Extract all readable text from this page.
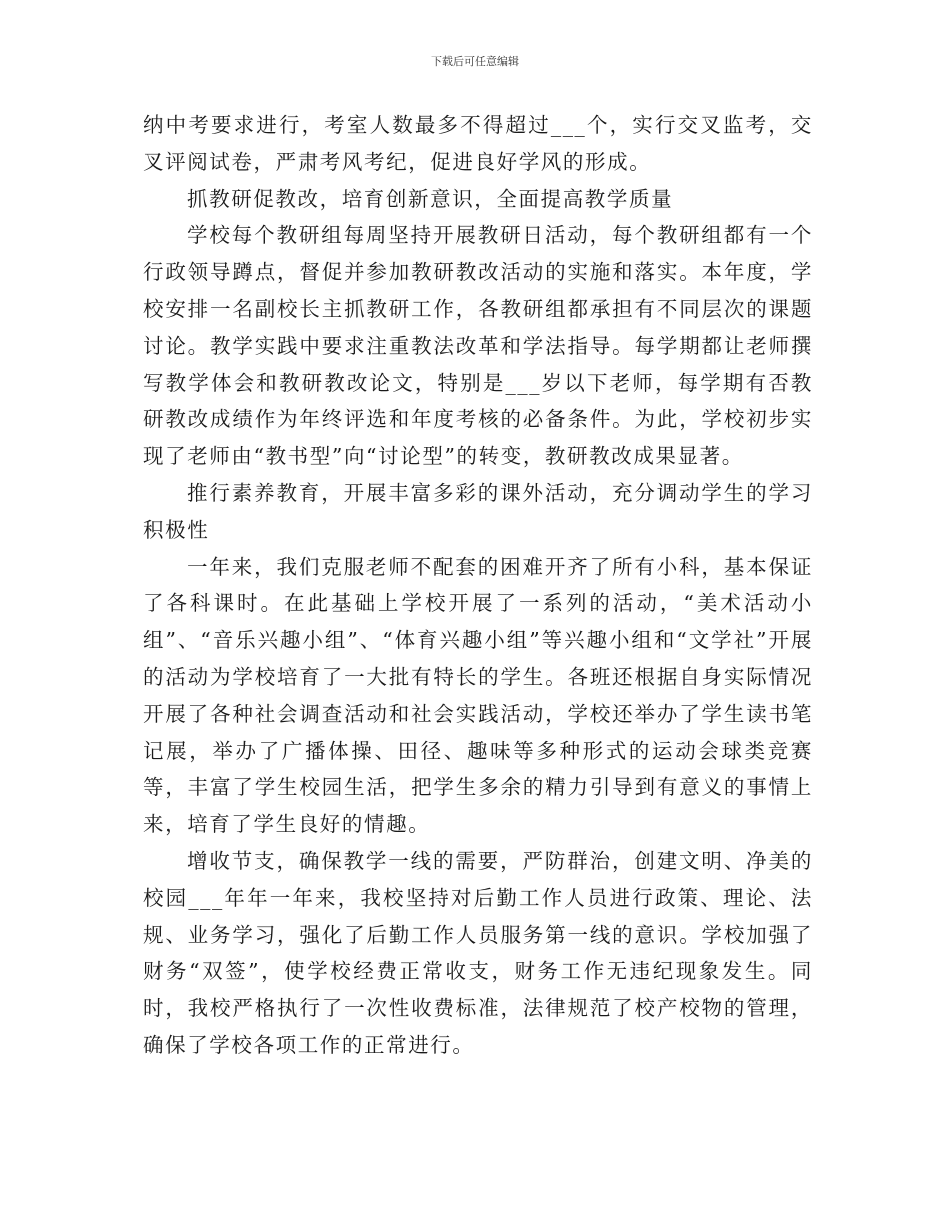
下载后可任意编辑

纳中考要求进行，考室人数最多不得超过___个，实行交叉监考，交叉评阅试卷，严肃考风考纪，促进良好学风的形成。

抓教研促教改，培育创新意识，全面提高教学质量

学校每个教研组每周坚持开展教研日活动，每个教研组都有一个行政领导蹲点，督促并参加教研教改活动的实施和落实。本年度，学校安排一名副校长主抓教研工作，各教研组都承担有不同层次的课题讨论。教学实践中要求注重教法改革和学法指导。每学期都让老师撰写教学体会和教研教改论文，特别是___岁以下老师，每学期有否教研教改成绩作为年终评选和年度考核的必备条件。为此，学校初步实现了老师由“教书型”向“讨论型”的转变，教研教改成果显著。

推行素养教育，开展丰富多彩的课外活动，充分调动学生的学习积极性

一年来，我们克服老师不配套的困难开齐了所有小科，基本保证了各科课时。在此基础上学校开展了一系列的活动，“美术活动小组”、“音乐兴趣小组”、“体育兴趣小组”等兴趣小组和“文学社”开展的活动为学校培育了一大批有特长的学生。各班还根据自身实际情况开展了各种社会调查活动和社会实践活动，学校还举办了学生读书笔记展，举办了广播体操、田径、趣味等多种形式的运动会球类竞赛等，丰富了学生校园生活，把学生多余的精力引导到有意义的事情上来，培育了学生良好的情趣。

增收节支，确保教学一线的需要，严防群治，创建文明、净美的校园___年年一年来，我校坚持对后勤工作人员进行政策、理论、法规、业务学习，强化了后勤工作人员服务第一线的意识。学校加强了财务“双签”，使学校经费正常收支，财务工作无违纪现象发生。同时，我校严格执行了一次性收费标准，法律规范了校产校物的管理，确保了学校各项工作的正常进行。
